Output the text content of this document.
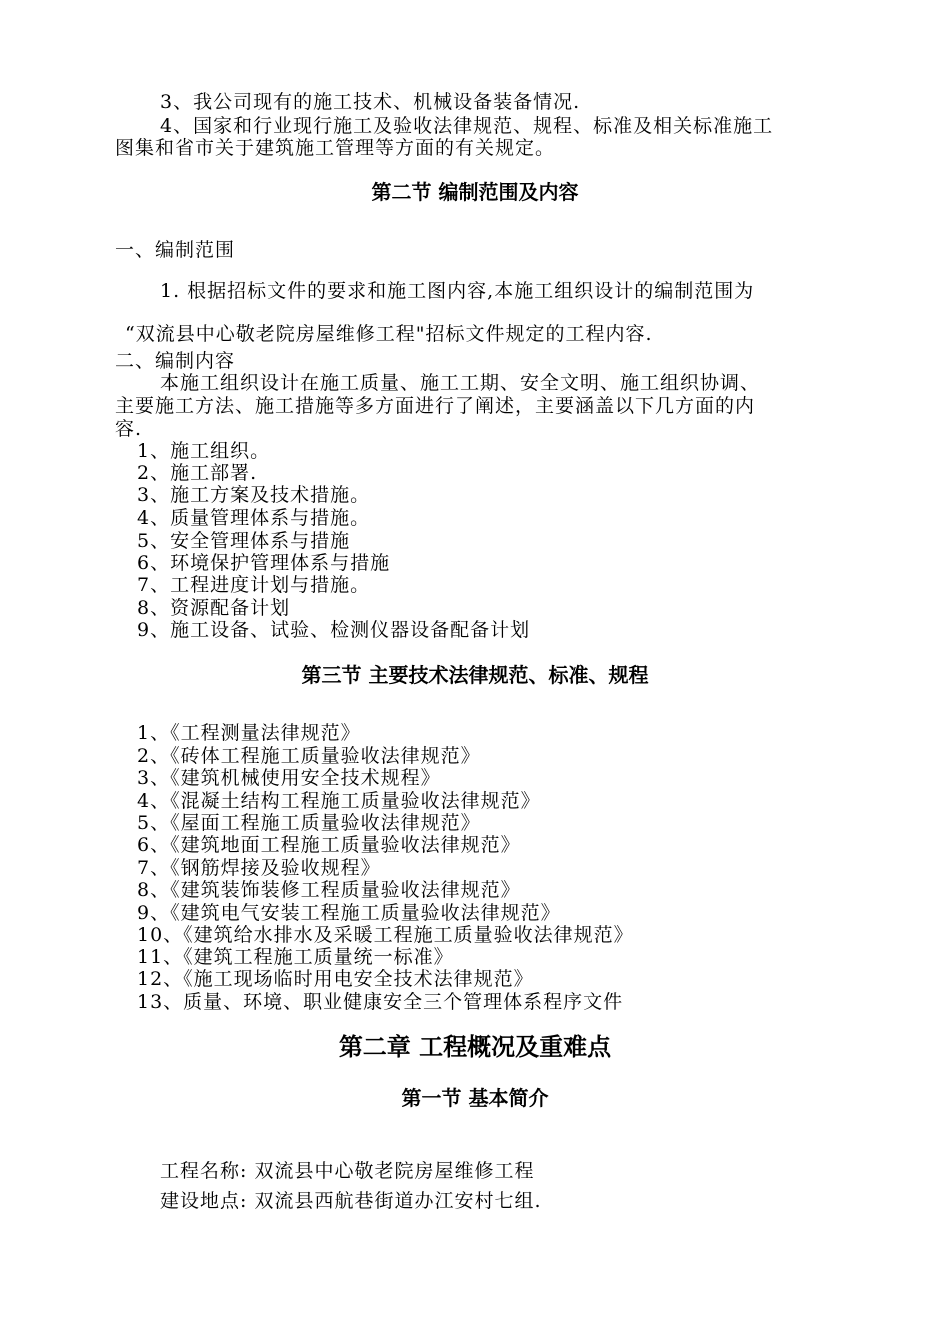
3、我公司现有的施工技术、机械设备装备情况.
4、国家和行业现行施工及验收法律规范、规程、标准及相关标准施工
图集和省市关于建筑施工管理等方面的有关规定。
第二节 编制范围及内容
一、编制范围
1. 根据招标文件的要求和施工图内容,本施工组织设计的编制范围为
“双流县中心敬老院房屋维修工程"招标文件规定的工程内容.
二、编制内容
本施工组织设计在施工质量、施工工期、安全文明、施工组织协调、
主要施工方法、施工措施等多方面进行了阐述，主要涵盖以下几方面的内
容.
1、施工组织。
2、施工部署.
3、施工方案及技术措施。
4、质量管理体系与措施。
5、安全管理体系与措施
6、环境保护管理体系与措施
7、工程进度计划与措施。
8、资源配备计划
9、施工设备、试验、检测仪器设备配备计划
第三节 主要技术法律规范、标准、规程
1、《工程测量法律规范》
2、《砖体工程施工质量验收法律规范》
3、《建筑机械使用安全技术规程》
4、《混凝土结构工程施工质量验收法律规范》
5、《屋面工程施工质量验收法律规范》
6、《建筑地面工程施工质量验收法律规范》
7、《钢筋焊接及验收规程》
8、《建筑装饰装修工程质量验收法律规范》
9、《建筑电气安装工程施工质量验收法律规范》
10、《建筑给水排水及采暖工程施工质量验收法律规范》
11、《建筑工程施工质量统一标准》
12、《施工现场临时用电安全技术法律规范》
13、质量、环境、职业健康安全三个管理体系程序文件
第二章 工程概况及重难点
第一节 基本简介
工程名称: 双流县中心敬老院房屋维修工程
建设地点: 双流县西航巷街道办江安村七组.
